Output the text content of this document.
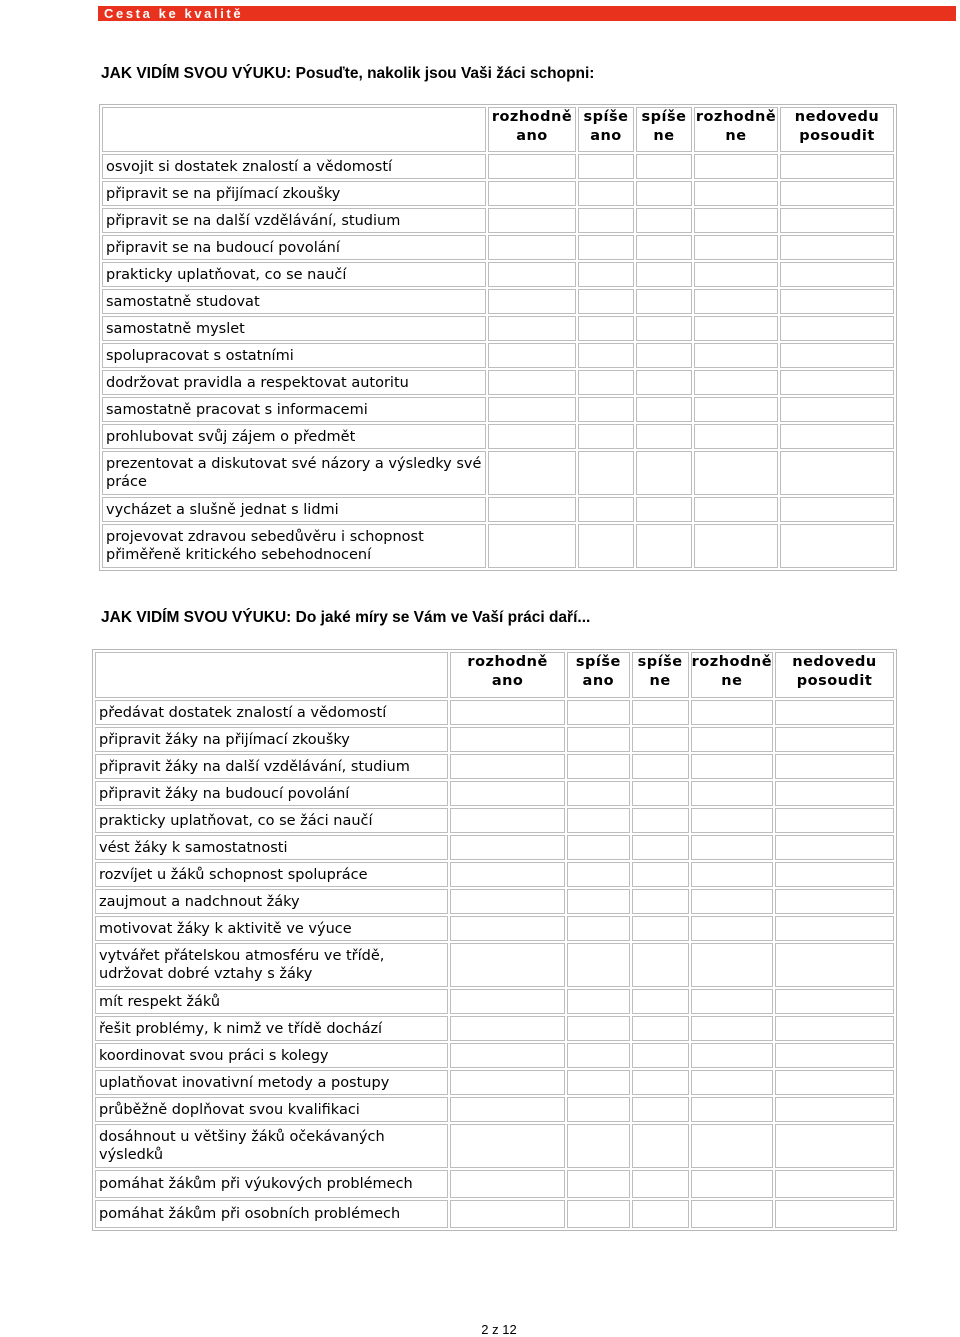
Cesta ke kvalitě
JAK VIDÍM SVOU VÝUKU: Posuďte, nakolik jsou Vaši žáci schopni:
	rozhodně ano	spíše ano	spíše ne	rozhodně ne	nedovedu posoudit
osvojit si dostatek znalostí a vědomostí					
připravit se na přijímací zkoušky					
připravit se na další vzdělávání, studium					
připravit se na budoucí povolání					
prakticky uplatňovat, co se naučí					
samostatně studovat					
samostatně myslet					
spolupracovat s ostatními					
dodržovat pravidla a respektovat autoritu					
samostatně pracovat s informacemi					
prohlubovat svůj zájem o předmět					
prezentovat a diskutovat své názory a výsledky své práce					
vycházet a slušně jednat s lidmi					
projevovat zdravou sebedůvěru i schopnost přiměřeně kritického sebehodnocení					
JAK VIDÍM SVOU VÝUKU: Do jaké míry se Vám ve Vaší práci daří...
	rozhodně ano	spíše ano	spíše ne	rozhodně ne	nedovedu posoudit
předávat dostatek znalostí a vědomostí					
připravit žáky na přijímací zkoušky					
připravit žáky na další vzdělávání, studium					
připravit žáky na budoucí povolání					
prakticky uplatňovat, co se žáci naučí					
vést žáky k samostatnosti					
rozvíjet u žáků schopnost spolupráce					
zaujmout a nadchnout žáky					
motivovat žáky k aktivitě ve výuce					
vytvářet přátelskou atmosféru ve třídě, udržovat dobré vztahy s žáky					
mít respekt žáků					
řešit problémy, k nimž ve třídě dochází					
koordinovat svou práci s kolegy					
uplatňovat inovativní metody a postupy					
průběžně doplňovat svou kvalifikaci					
dosáhnout u většiny žáků očekávaných výsledků					
pomáhat žákům při výukových problémech					
pomáhat žákům při osobních problémech					
2 z 12
